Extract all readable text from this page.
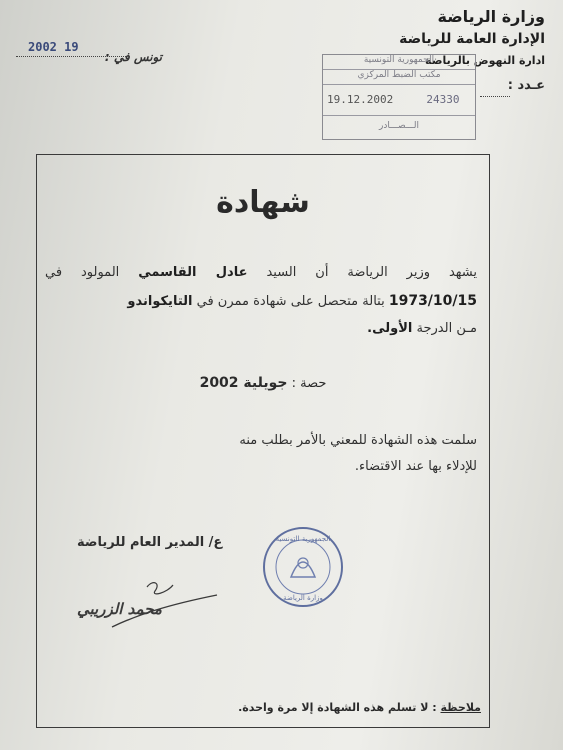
وزارة الرياضة
الإدارة العامة للرياضة
ادارة النهوض بالرياضة
2002 19
تونس في :	الجمهورية التونسية
مكتب الضبط المركزي
19.12.2002	24330
الـــصـــادر
عـدد :
شهادة
يشهد وزير الرياضة أن السيد عادل القاسمي المولود في
1973/10/15 بتالة متحصل على شهادة ممرن في التايكواندو
مـن الدرجة الأولى.
حصة : جويلية 2002
سلمت هذه الشهادة للمعني بالأمر بطلب منه
للإدلاء بها عند الاقتضاء.
ع/ المدير العام للرياضة	الجمهورية التونسية
وزارة الرياضة
محمد الزريبي
ملاحظة : لا تسلم هذه الشهادة إلا مرة واحدة.
